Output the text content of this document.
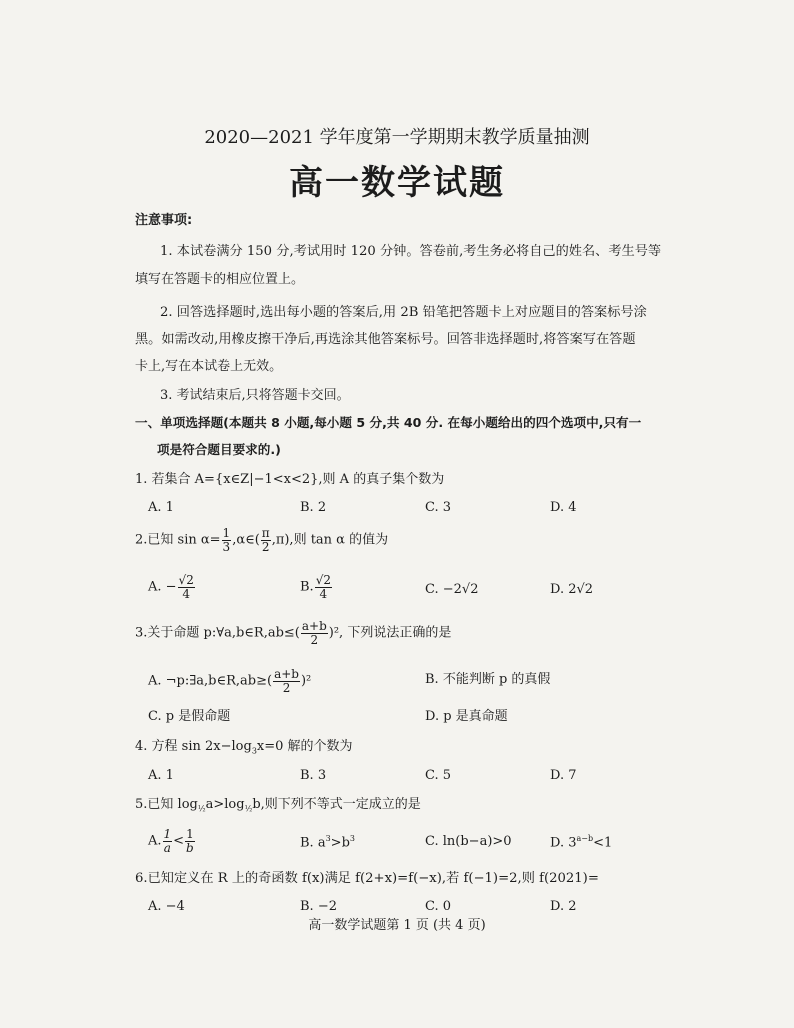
2020—2021 学年度第一学期期末教学质量抽测
高一数学试题
注意事项:
1. 本试卷满分 150 分,考试用时 120 分钟。答卷前,考生务必将自己的姓名、考生号等
填写在答题卡的相应位置上。
2. 回答选择题时,选出每小题的答案后,用 2B 铅笔把答题卡上对应题目的答案标号涂
黑。如需改动,用橡皮擦干净后,再选涂其他答案标号。回答非选择题时,将答案写在答题
卡上,写在本试卷上无效。
3. 考试结束后,只将答题卡交回。
一、单项选择题(本题共 8 小题,每小题 5 分,共 40 分. 在每小题给出的四个选项中,只有一
项是符合题目要求的.)
1. 若集合 A={x∈Z|−1<x<2},则 A 的真子集个数为
A. 1	B. 2	C. 3	D. 4
2.已知 $\sin \alpha= \frac{1}{3}$ ,α∈( $\frac{\pi}{2} ,\pi$),则 tan α 的值为
A. − $\frac{√2}{4}$	B. $\frac{√2}{4}$	C. −2√2	D. 2√2
3.关于命题 p:∀a,b∈R,ab≤( $\frac{a+b}{2} )^2$, 下列说法正确的是
A. ¬p:∃a,b∈R,ab≥( $\frac{a+b}{2} )^2$	B. 不能判断 p 的真假
C. p 是假命题	D. p 是真命题
4. 方程 $\sin 2x-\log_3x=0$ 解的个数为
A. 1	B. 3	C. 5	D. 7
5.已知 $\log_{\frac{1}{2}}a>\log_{\frac{1}{2}}b$,则下列不等式一定成立的是
A. $\frac{1}{a} < \frac{1}{b}$	B. $a^3>b^3$	C. ln(b−a)>0	D. $3^{a-b}<1$
6.已知定义在 R 上的奇函数 f(x)满足 f(2+x)=f(−x),若 f(−1)=2,则 f(2021)=
A. −4	B. −2	C. 0	D. 2
高一数学试题第 1 页 (共 4 页)
